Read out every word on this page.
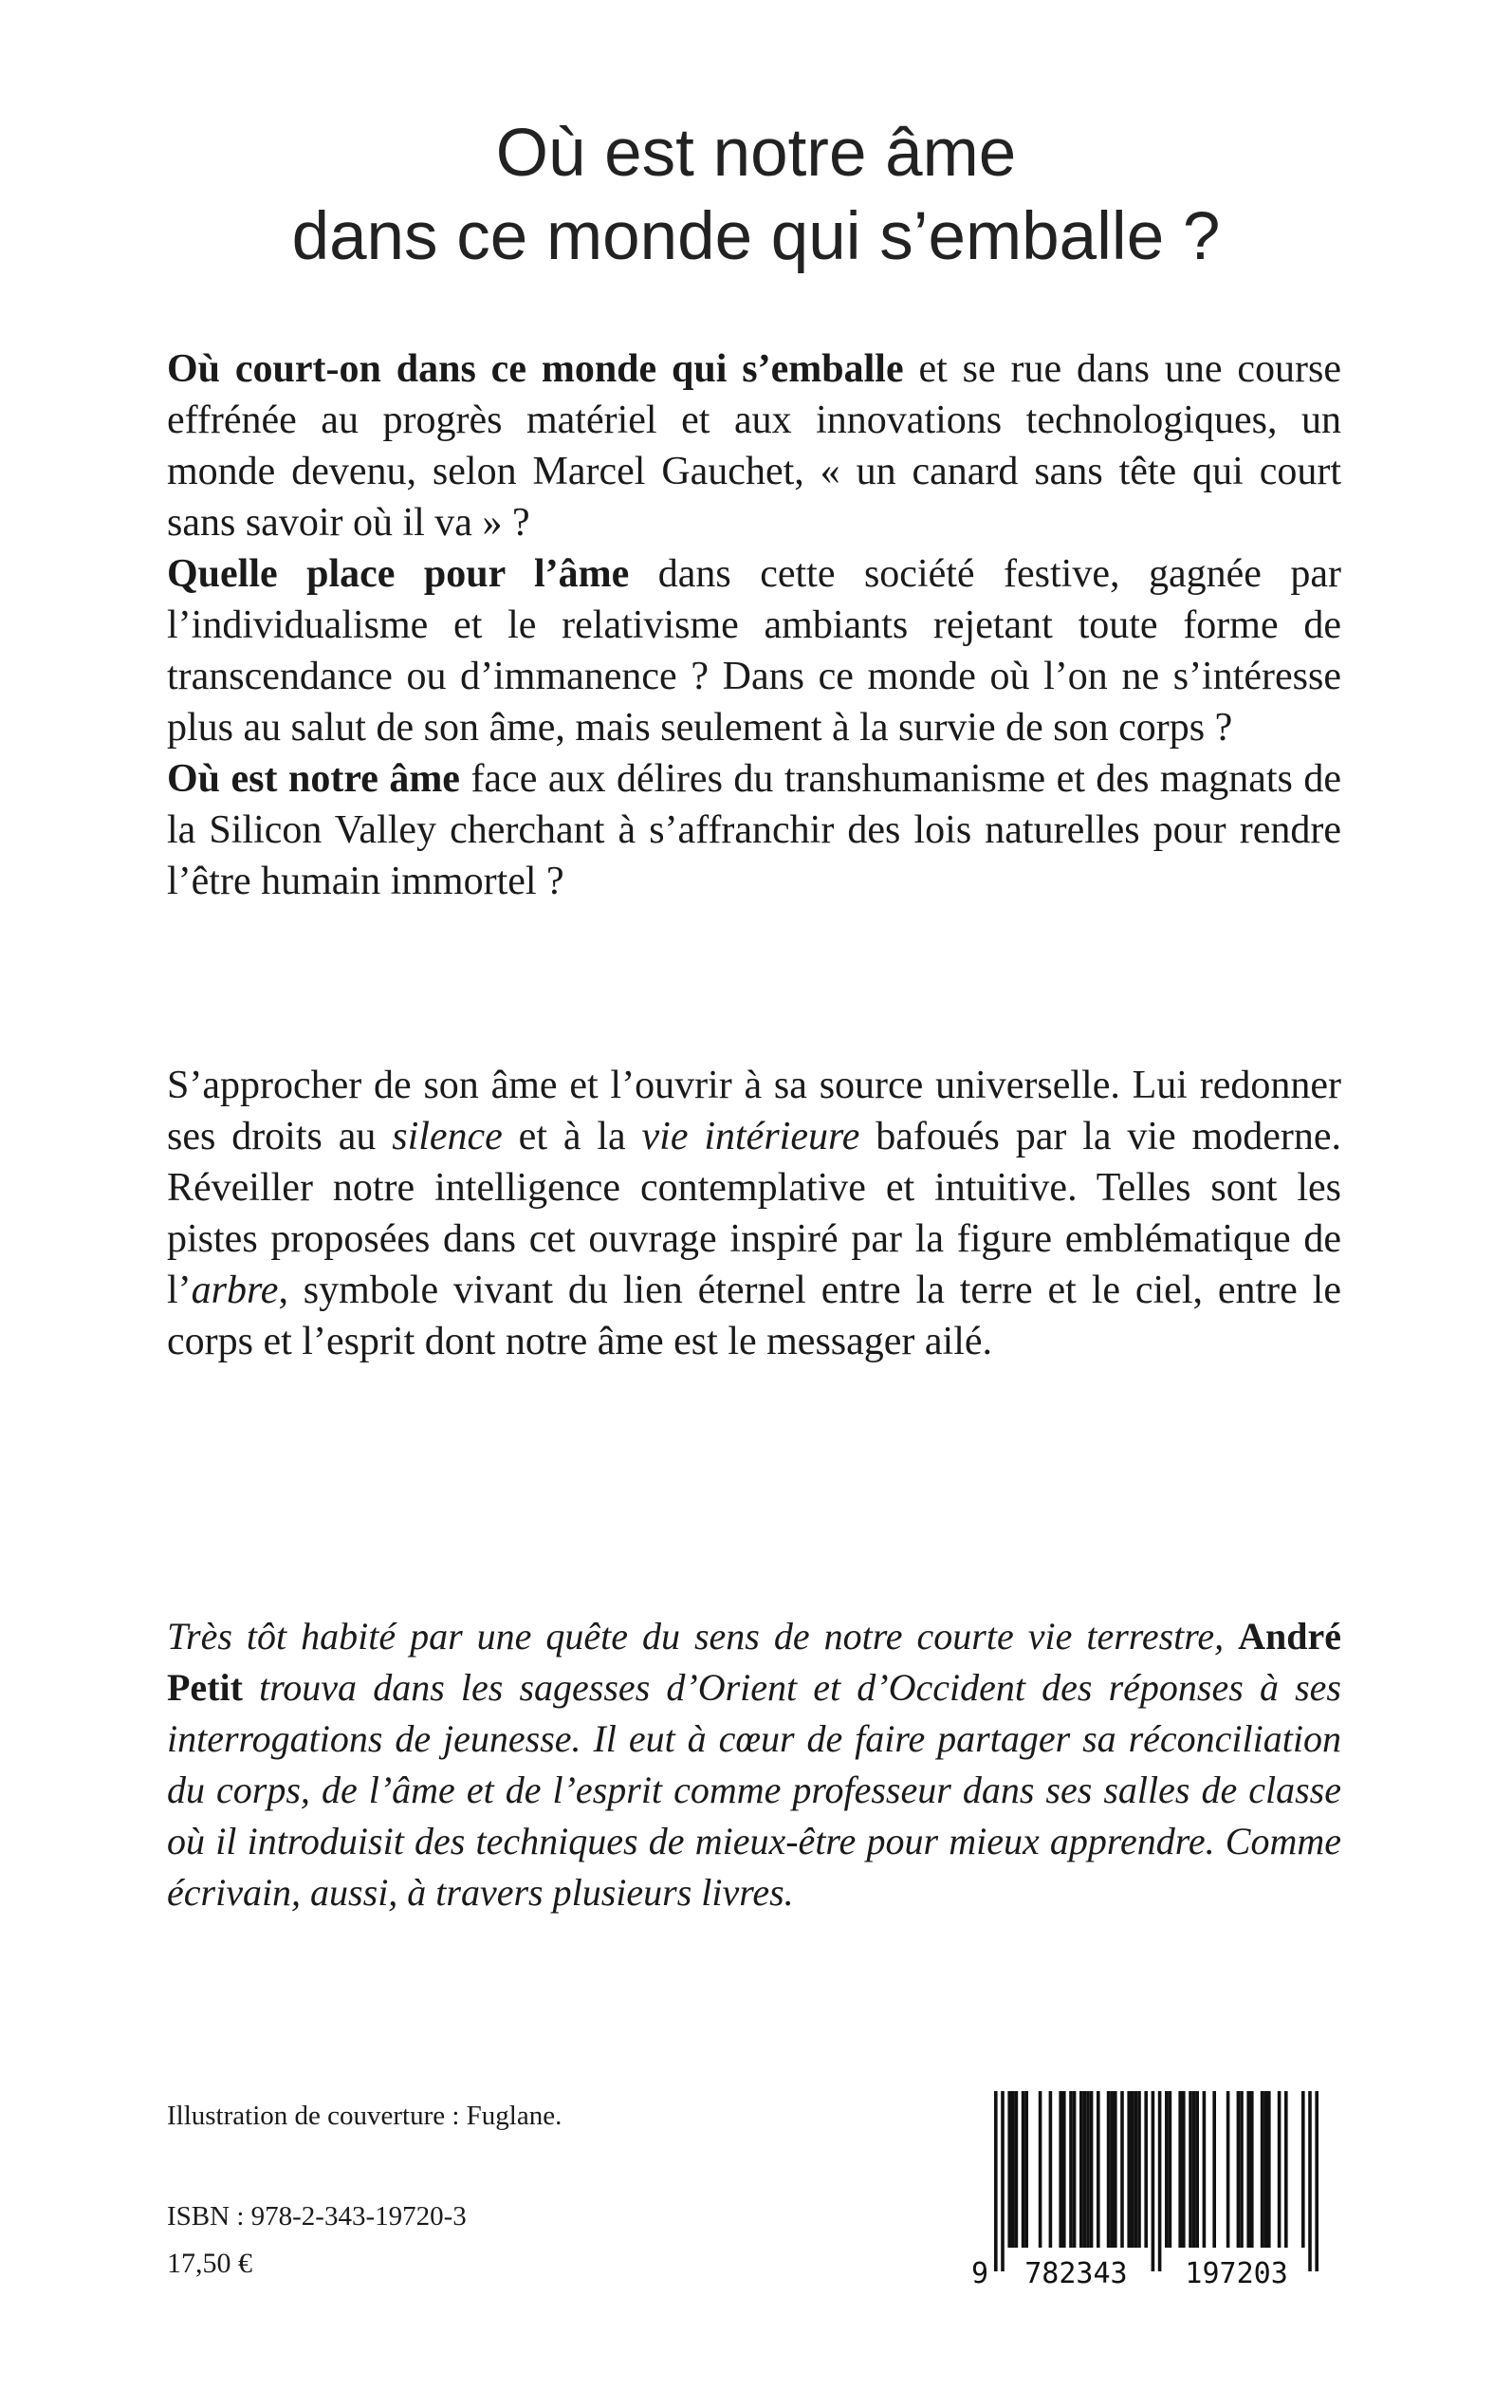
Où est notre âme
dans ce monde qui s’emballe ?

Où court-on dans ce monde qui s’emballe et se rue dans une course effrénée au progrès matériel et aux innovations technologiques, un monde devenu, selon Marcel Gauchet, « un canard sans tête qui court sans savoir où il va » ?

Quelle place pour l’âme dans cette société festive, gagnée par l’individualisme et le relativisme ambiants rejetant toute forme de transcendance ou d’immanence ? Dans ce monde où l’on ne s’intéresse plus au salut de son âme, mais seulement à la survie de son corps ?

Où est notre âme face aux délires du transhumanisme et des magnats de la Silicon Valley cherchant à s’affranchir des lois naturelles pour rendre l’être humain immortel ?

S’approcher de son âme et l’ouvrir à sa source universelle. Lui redonner ses droits au silence et à la vie intérieure bafoués par la vie moderne. Réveiller notre intelligence contemplative et intuitive. Telles sont les pistes proposées dans cet ouvrage inspiré par la figure emblématique de l’arbre, symbole vivant du lien éternel entre la terre et le ciel, entre le corps et l’esprit dont notre âme est le messager ailé.

Très tôt habité par une quête du sens de notre courte vie terrestre, André Petit trouva dans les sagesses d’Orient et d’Occident des réponses à ses interrogations de jeunesse. Il eut à cœur de faire partager sa réconciliation du corps, de l’âme et de l’esprit comme professeur dans ses salles de classe où il introduisit des techniques de mieux-être pour mieux apprendre. Comme écrivain, aussi, à travers plusieurs livres.

Illustration de couverture : Fuglane.
ISBN : 978-2-343-19720-3
17,50 €	9 782343 197203
